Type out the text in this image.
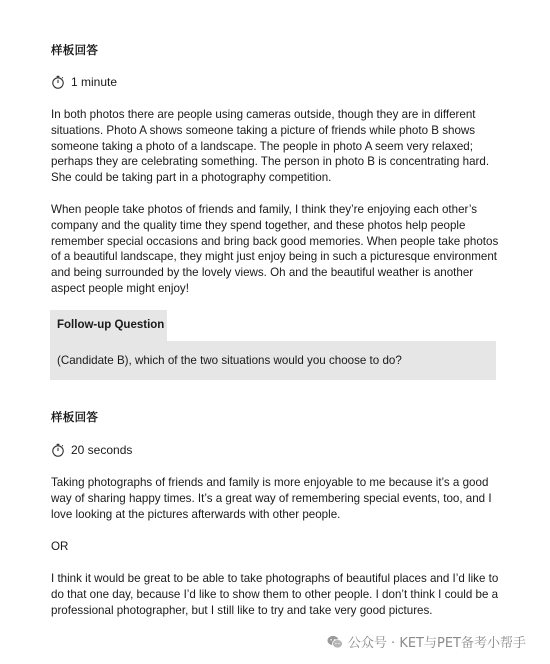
样板回答
1 minute

In both photos there are people using cameras outside, though they are in different situations. Photo A shows someone taking a picture of friends while photo B shows someone taking a photo of a landscape. The people in photo A seem very relaxed; perhaps they are celebrating something. The person in photo B is concentrating hard. She could be taking part in a photography competition.

When people take photos of friends and family, I think they’re enjoying each other’s company and the quality time they spend together, and these photos help people remember special occasions and bring back good memories. When people take photos of a beautiful landscape, they might just enjoy being in such a picturesque environment and being surrounded by the lovely views. Oh and the beautiful weather is another aspect people might enjoy!

Follow-up Question
(Candidate B), which of the two situations would you choose to do?
样板回答
20 seconds

Taking photographs of friends and family is more enjoyable to me because it’s a good way of sharing happy times. It’s a great way of remembering special events, too, and I love looking at the pictures afterwards with other people.

OR

I think it would be great to be able to take photographs of beautiful places and I’d like to do that one day, because I’d like to show them to other people. I don’t think I could be a professional photographer, but I still like to try and take very good pictures.

公众号 · KET与PET备考小帮手
